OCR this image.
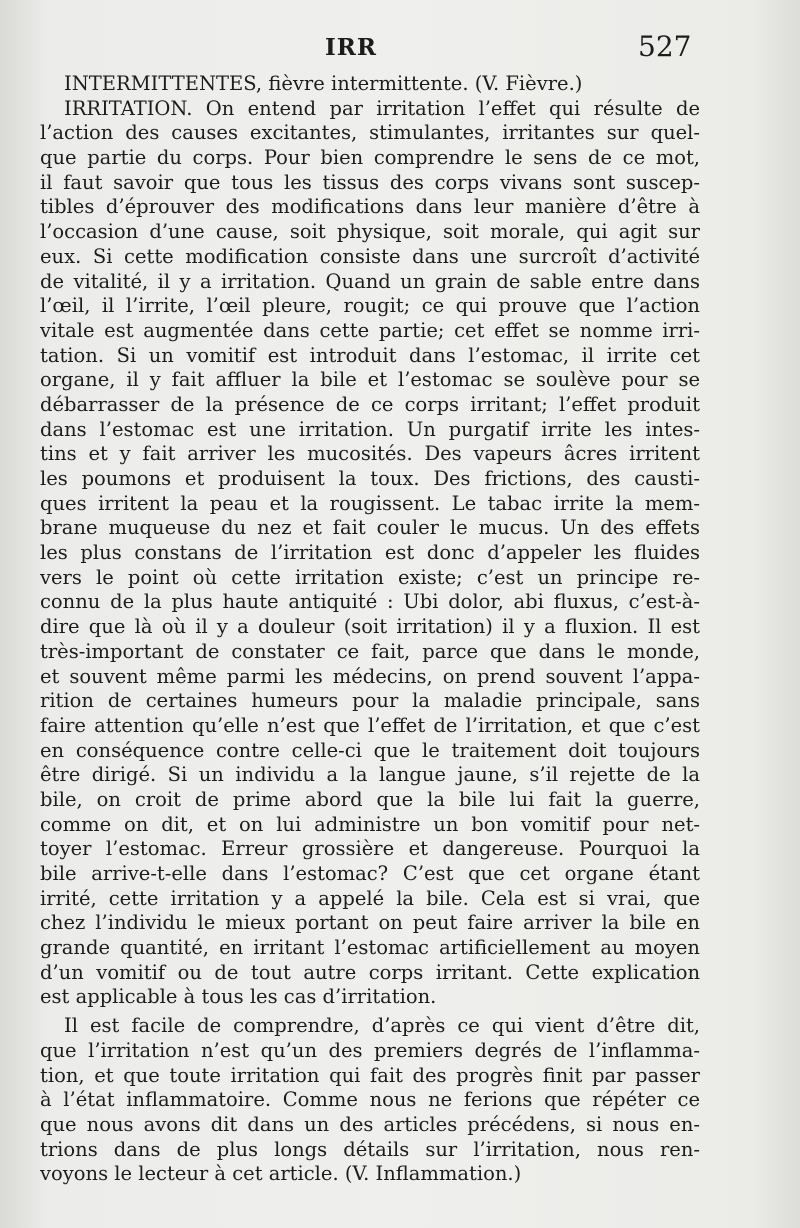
IRR	527
INTERMITTENTES, fièvre intermittente. (V. Fièvre.)
IRRITATION. On entend par irritation l’effet qui résulte de
l’action des causes excitantes, stimulantes, irritantes sur quel-
que partie du corps. Pour bien comprendre le sens de ce mot,
il faut savoir que tous les tissus des corps vivans sont suscep-
tibles d’éprouver des modifications dans leur manière d’être à
l’occasion d’une cause, soit physique, soit morale, qui agit sur
eux. Si cette modification consiste dans une surcroît d’activité
de vitalité, il y a irritation. Quand un grain de sable entre dans
l’œil, il l’irrite, l’œil pleure, rougit; ce qui prouve que l’action
vitale est augmentée dans cette partie; cet effet se nomme irri-
tation. Si un vomitif est introduit dans l’estomac, il irrite cet
organe, il y fait affluer la bile et l’estomac se soulève pour se
débarrasser de la présence de ce corps irritant; l’effet produit
dans l’estomac est une irritation. Un purgatif irrite les intes-
tins et y fait arriver les mucosités. Des vapeurs âcres irritent
les poumons et produisent la toux. Des frictions, des causti-
ques irritent la peau et la rougissent. Le tabac irrite la mem-
brane muqueuse du nez et fait couler le mucus. Un des effets
les plus constans de l’irritation est donc d’appeler les fluides
vers le point où cette irritation existe; c’est un principe re-
connu de la plus haute antiquité : Ubi dolor, abi fluxus, c’est-à-
dire que là où il y a douleur (soit irritation) il y a fluxion. Il est
très-important de constater ce fait, parce que dans le monde,
et souvent même parmi les médecins, on prend souvent l’appa-
rition de certaines humeurs pour la maladie principale, sans
faire attention qu’elle n’est que l’effet de l’irritation, et que c’est
en conséquence contre celle-ci que le traitement doit toujours
être dirigé. Si un individu a la langue jaune, s’il rejette de la
bile, on croit de prime abord que la bile lui fait la guerre,
comme on dit, et on lui administre un bon vomitif pour net-
toyer l’estomac. Erreur grossière et dangereuse. Pourquoi la
bile arrive-t-elle dans l’estomac? C’est que cet organe étant
irrité, cette irritation y a appelé la bile. Cela est si vrai, que
chez l’individu le mieux portant on peut faire arriver la bile en
grande quantité, en irritant l’estomac artificiellement au moyen
d’un vomitif ou de tout autre corps irritant. Cette explication
est applicable à tous les cas d’irritation.
Il est facile de comprendre, d’après ce qui vient d’être dit,
que l’irritation n’est qu’un des premiers degrés de l’inflamma-
tion, et que toute irritation qui fait des progrès finit par passer
à l’état inflammatoire. Comme nous ne ferions que répéter ce
que nous avons dit dans un des articles précédens, si nous en-
trions dans de plus longs détails sur l’irritation, nous ren-
voyons le lecteur à cet article. (V. Inflammation.)
